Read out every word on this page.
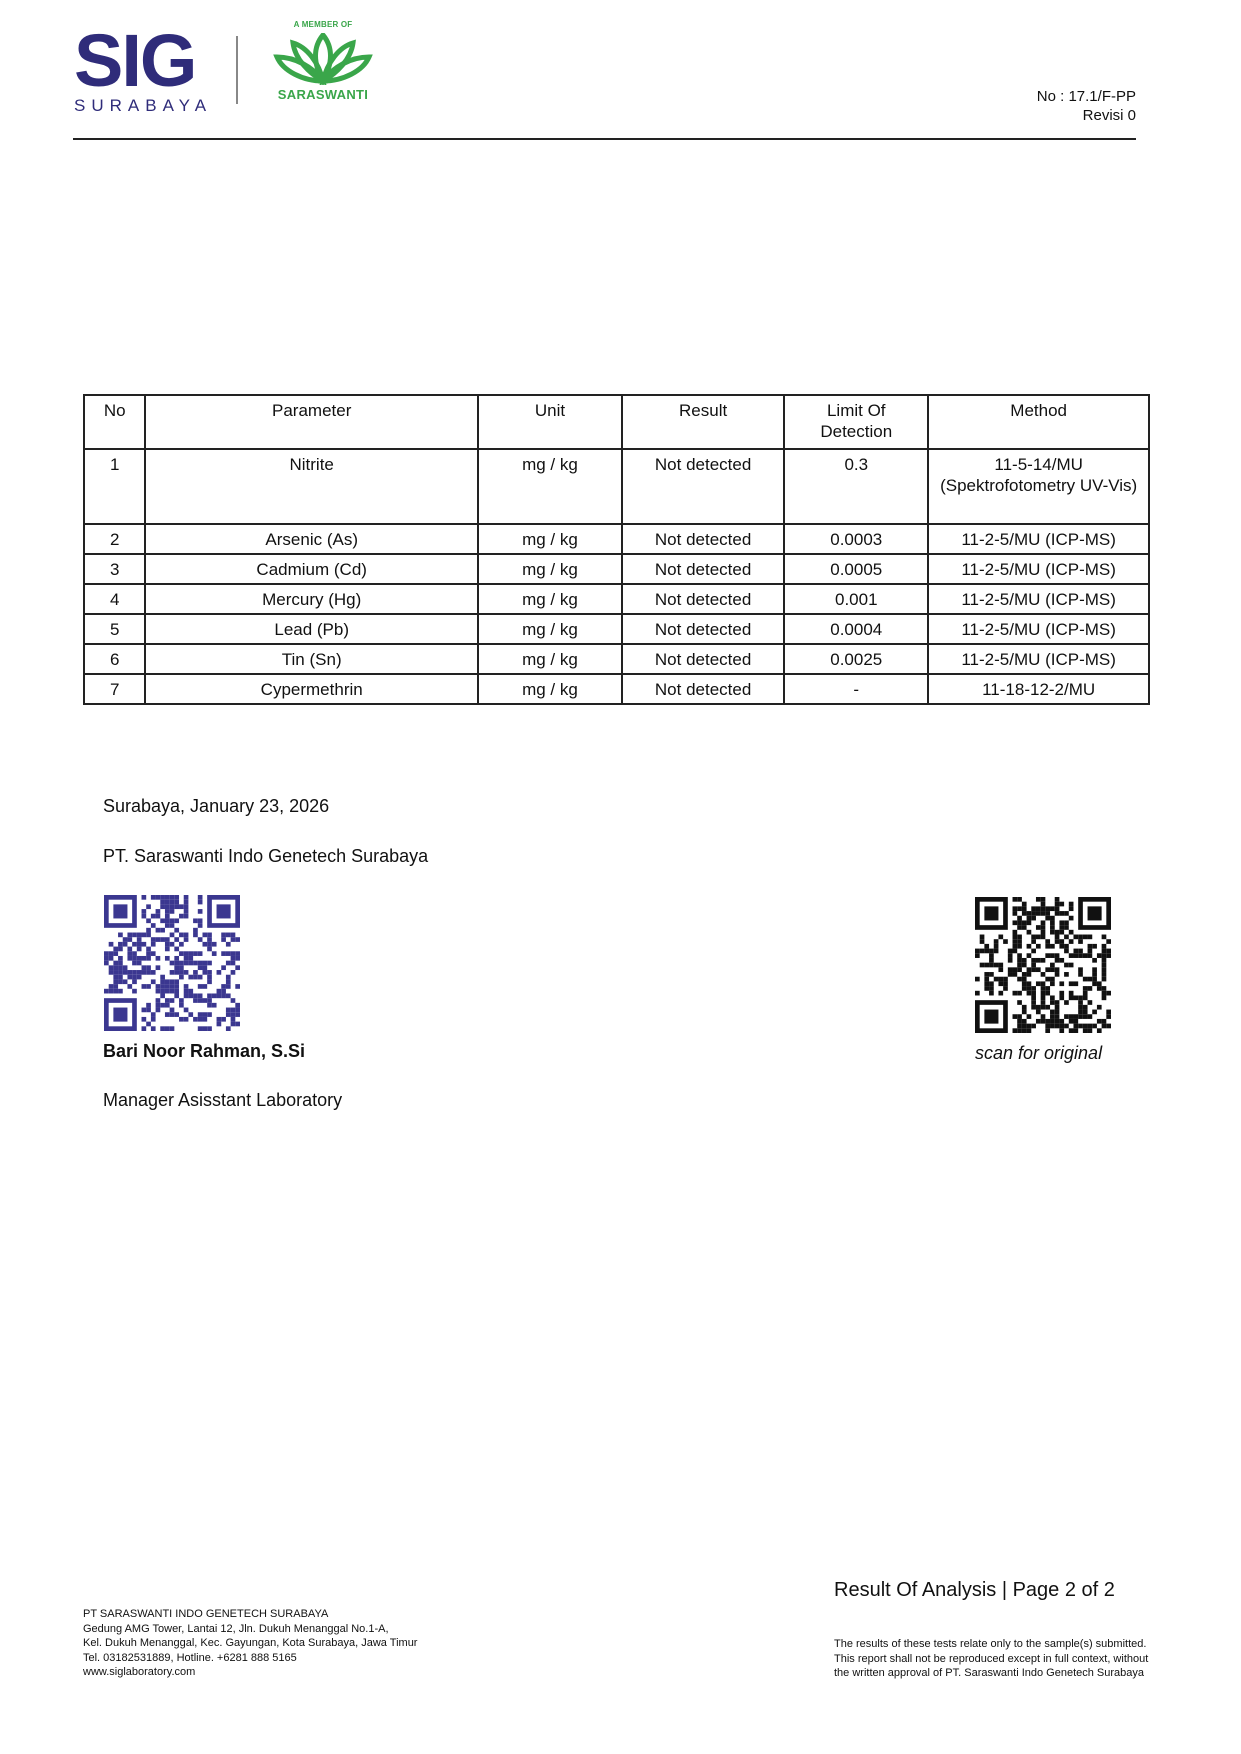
SIG
SURABAYA
A MEMBER OF
SARASWANTI	No : 17.1/F-PP
Revisi 0
No	Parameter	Unit	Result	Limit Of Detection	Method
1	Nitrite	mg / kg	Not detected	0.3	11-5-14/MU (Spektrofotometry UV-Vis)
2	Arsenic (As)	mg / kg	Not detected	0.0003	11-2-5/MU (ICP-MS)
3	Cadmium (Cd)	mg / kg	Not detected	0.0005	11-2-5/MU (ICP-MS)
4	Mercury (Hg)	mg / kg	Not detected	0.001	11-2-5/MU (ICP-MS)
5	Lead (Pb)	mg / kg	Not detected	0.0004	11-2-5/MU (ICP-MS)
6	Tin (Sn)	mg / kg	Not detected	0.0025	11-2-5/MU (ICP-MS)
7	Cypermethrin	mg / kg	Not detected	-	11-18-12-2/MU
Surabaya, January 23, 2026
PT. Saraswanti Indo Genetech Surabaya
Bari Noor Rahman, S.Si
Manager Asisstant Laboratory
scan for original
Result Of Analysis | Page 2 of 2
PT SARASWANTI INDO GENETECH SURABAYA
Gedung AMG Tower, Lantai 12, Jln. Dukuh Menanggal No.1-A,
Kel. Dukuh Menanggal, Kec. Gayungan, Kota Surabaya, Jawa Timur
Tel. 03182531889, Hotline. +6281 888 5165
www.siglaboratory.com
The results of these tests relate only to the sample(s) submitted.
This report shall not be reproduced except in full context, without
the written approval of PT. Saraswanti Indo Genetech Surabaya
